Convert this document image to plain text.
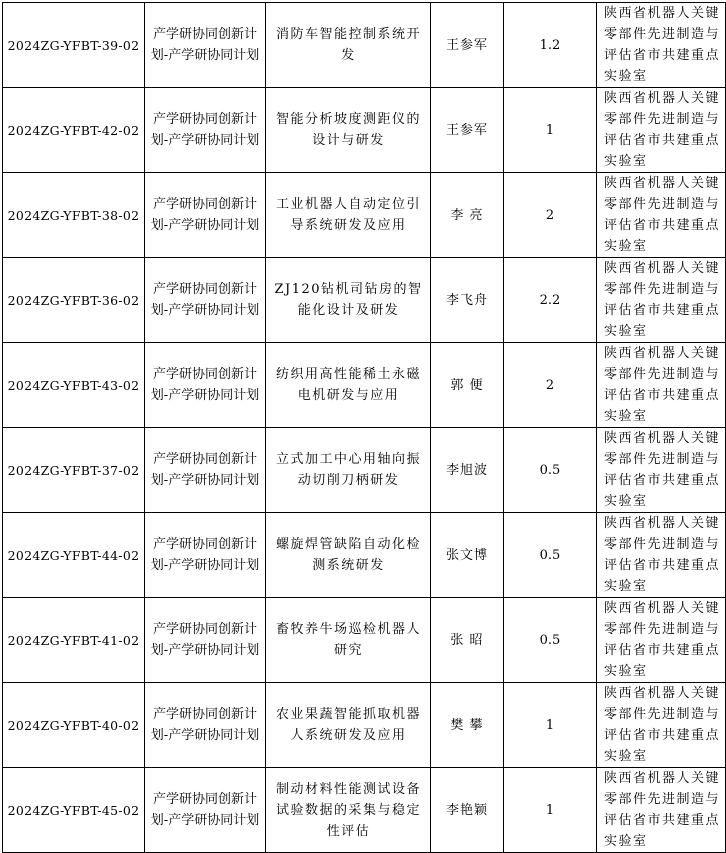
2024ZG-YFBT-39-02	产学研协同创新计划-产学研协同计划	消防车智能控制系统开发	王参军	1.2	陕西省机器人关键零部件先进制造与评估省市共建重点实验室
2024ZG-YFBT-42-02	产学研协同创新计划-产学研协同计划	智能分析坡度测距仪的设计与研发	王参军	1	陕西省机器人关键零部件先进制造与评估省市共建重点实验室
2024ZG-YFBT-38-02	产学研协同创新计划-产学研协同计划	工业机器人自动定位引导系统研发及应用	李 亮	2	陕西省机器人关键零部件先进制造与评估省市共建重点实验室
2024ZG-YFBT-36-02	产学研协同创新计划-产学研协同计划	ZJ120钻机司钻房的智能化设计及研发	李飞舟	2.2	陕西省机器人关键零部件先进制造与评估省市共建重点实验室
2024ZG-YFBT-43-02	产学研协同创新计划-产学研协同计划	纺织用高性能稀土永磁电机研发与应用	郭 便	2	陕西省机器人关键零部件先进制造与评估省市共建重点实验室
2024ZG-YFBT-37-02	产学研协同创新计划-产学研协同计划	立式加工中心用轴向振动切削刀柄研发	李旭波	0.5	陕西省机器人关键零部件先进制造与评估省市共建重点实验室
2024ZG-YFBT-44-02	产学研协同创新计划-产学研协同计划	螺旋焊管缺陷自动化检测系统研发	张文博	0.5	陕西省机器人关键零部件先进制造与评估省市共建重点实验室
2024ZG-YFBT-41-02	产学研协同创新计划-产学研协同计划	畜牧养牛场巡检机器人研究	张 昭	0.5	陕西省机器人关键零部件先进制造与评估省市共建重点实验室
2024ZG-YFBT-40-02	产学研协同创新计划-产学研协同计划	农业果蔬智能抓取机器人系统研发及应用	樊 攀	1	陕西省机器人关键零部件先进制造与评估省市共建重点实验室
2024ZG-YFBT-45-02	产学研协同创新计划-产学研协同计划	制动材料性能测试设备试验数据的采集与稳定性评估	李艳颖	1	陕西省机器人关键零部件先进制造与评估省市共建重点实验室
